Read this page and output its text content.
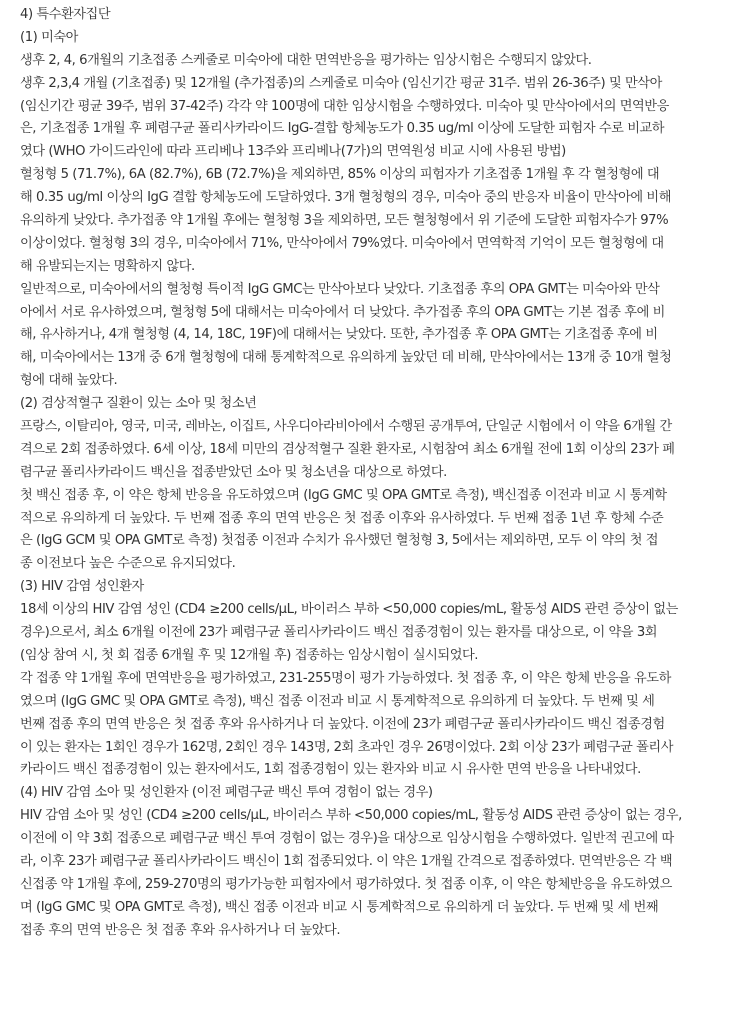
4) 특수환자집단
(1) 미숙아
생후 2, 4, 6개월의 기초접종 스케줄로 미숙아에 대한 면역반응을 평가하는 임상시험은 수행되지 않았다.
생후 2,3,4 개월 (기초접종) 및 12개월 (추가접종)의 스케줄로 미숙아 (임신기간 평균 31주. 범위 26-36주) 및 만삭아
(임신기간 평균 39주, 범위 37-42주) 각각 약 100명에 대한 임상시험을 수행하였다. 미숙아 및 만삭아에서의 면역반응
은, 기초접종 1개월 후 폐렴구균 폴리사카라이드 IgG-결합 항체농도가 0.35 ug/ml 이상에 도달한 피험자 수로 비교하
였다 (WHO 가이드라인에 따라 프리베나 13주와 프리베나(7가)의 면역원성 비교 시에 사용된 방법)
혈청형 5 (71.7%), 6A (82.7%), 6B (72.7%)을 제외하면, 85% 이상의 피험자가 기초접종 1개월 후 각 혈청형에 대
해 0.35 ug/ml 이상의 IgG 결합 항체농도에 도달하였다. 3개 혈청형의 경우, 미숙아 중의 반응자 비율이 만삭아에 비해
유의하게 낮았다. 추가접종 약 1개월 후에는 혈청형 3을 제외하면, 모든 혈청형에서 위 기준에 도달한 피험자수가 97%
이상이었다. 혈청형 3의 경우, 미숙아에서 71%, 만삭아에서 79%였다. 미숙아에서 면역학적 기억이 모든 혈청형에 대
해 유발되는지는 명확하지 않다.
일반적으로, 미숙아에서의 혈청형 특이적 IgG GMC는 만삭아보다 낮았다. 기초접종 후의 OPA GMT는 미숙아와 만삭
아에서 서로 유사하였으며, 혈청형 5에 대해서는 미숙아에서 더 낮았다. 추가접종 후의 OPA GMT는 기본 접종 후에 비
해, 유사하거나, 4개 혈청형 (4, 14, 18C, 19F)에 대해서는 낮았다. 또한, 추가접종 후 OPA GMT는 기초접종 후에 비
해, 미숙아에서는 13개 중 6개 혈청형에 대해 통계학적으로 유의하게 높았던 데 비해, 만삭아에서는 13개 중 10개 혈청
형에 대해 높았다.
(2) 겸상적혈구 질환이 있는 소아 및 청소년
프랑스, 이탈리아, 영국, 미국, 레바논, 이집트, 사우디아라비아에서 수행된 공개투여, 단일군 시험에서 이 약을 6개월 간
격으로 2회 접종하였다. 6세 이상, 18세 미만의 겸상적혈구 질환 환자로, 시험참여 최소 6개월 전에 1회 이상의 23가 폐
렴구균 폴리사카라이드 백신을 접종받았던 소아 및 청소년을 대상으로 하였다.
첫 백신 접종 후, 이 약은 항체 반응을 유도하였으며 (IgG GMC 및 OPA GMT로 측정), 백신접종 이전과 비교 시 통계학
적으로 유의하게 더 높았다. 두 번째 접종 후의 면역 반응은 첫 접종 이후와 유사하였다. 두 번째 접종 1년 후 항체 수준
은 (IgG GCM 및 OPA GMT로 측정) 첫접종 이전과 수치가 유사했던 혈청형 3, 5에서는 제외하면, 모두 이 약의 첫 접
종 이전보다 높은 수준으로 유지되었다.
(3) HIV 감염 성인환자
18세 이상의 HIV 감염 성인 (CD4 ≥200 cells/µL, 바이러스 부하 <50,000 copies/mL, 활동성 AIDS 관련 증상이 없는
경우)으로서, 최소 6개월 이전에 23가 폐렴구균 폴리사카라이드 백신 접종경험이 있는 환자를 대상으로, 이 약을 3회
(임상 참여 시, 첫 회 접종 6개월 후 및 12개월 후) 접종하는 임상시험이 실시되었다.
각 접종 약 1개월 후에 면역반응을 평가하였고, 231-255명이 평가 가능하였다. 첫 접종 후, 이 약은 항체 반응을 유도하
였으며 (IgG GMC 및 OPA GMT로 측정), 백신 접종 이전과 비교 시 통계학적으로 유의하게 더 높았다. 두 번째 및 세
번째 접종 후의 면역 반응은 첫 접종 후와 유사하거나 더 높았다. 이전에 23가 폐렴구균 폴리사카라이드 백신 접종경험
이 있는 환자는 1회인 경우가 162명, 2회인 경우 143명, 2회 초과인 경우 26명이었다. 2회 이상 23가 폐렴구균 폴리사
카라이드 백신 접종경험이 있는 환자에서도, 1회 접종경험이 있는 환자와 비교 시 유사한 면역 반응을 나타내었다.
(4) HIV 감염 소아 및 성인환자 (이전 폐렴구균 백신 투여 경험이 없는 경우)
HIV 감염 소아 및 성인 (CD4 ≥200 cells/µL, 바이러스 부하 <50,000 copies/mL, 활동성 AIDS 관련 증상이 없는 경우,
이전에 이 약 3회 접종으로 폐렴구균 백신 투여 경험이 없는 경우)을 대상으로 임상시험을 수행하였다. 일반적 권고에 따
라, 이후 23가 폐렴구균 폴리사카라이드 백신이 1회 접종되었다. 이 약은 1개월 간격으로 접종하였다. 면역반응은 각 백
신접종 약 1개월 후에, 259-270명의 평가가능한 피험자에서 평가하였다. 첫 접종 이후, 이 약은 항체반응을 유도하였으
며 (IgG GMC 및 OPA GMT로 측정), 백신 접종 이전과 비교 시 통계학적으로 유의하게 더 높았다. 두 번째 및 세 번째
접종 후의 면역 반응은 첫 접종 후와 유사하거나 더 높았다.
